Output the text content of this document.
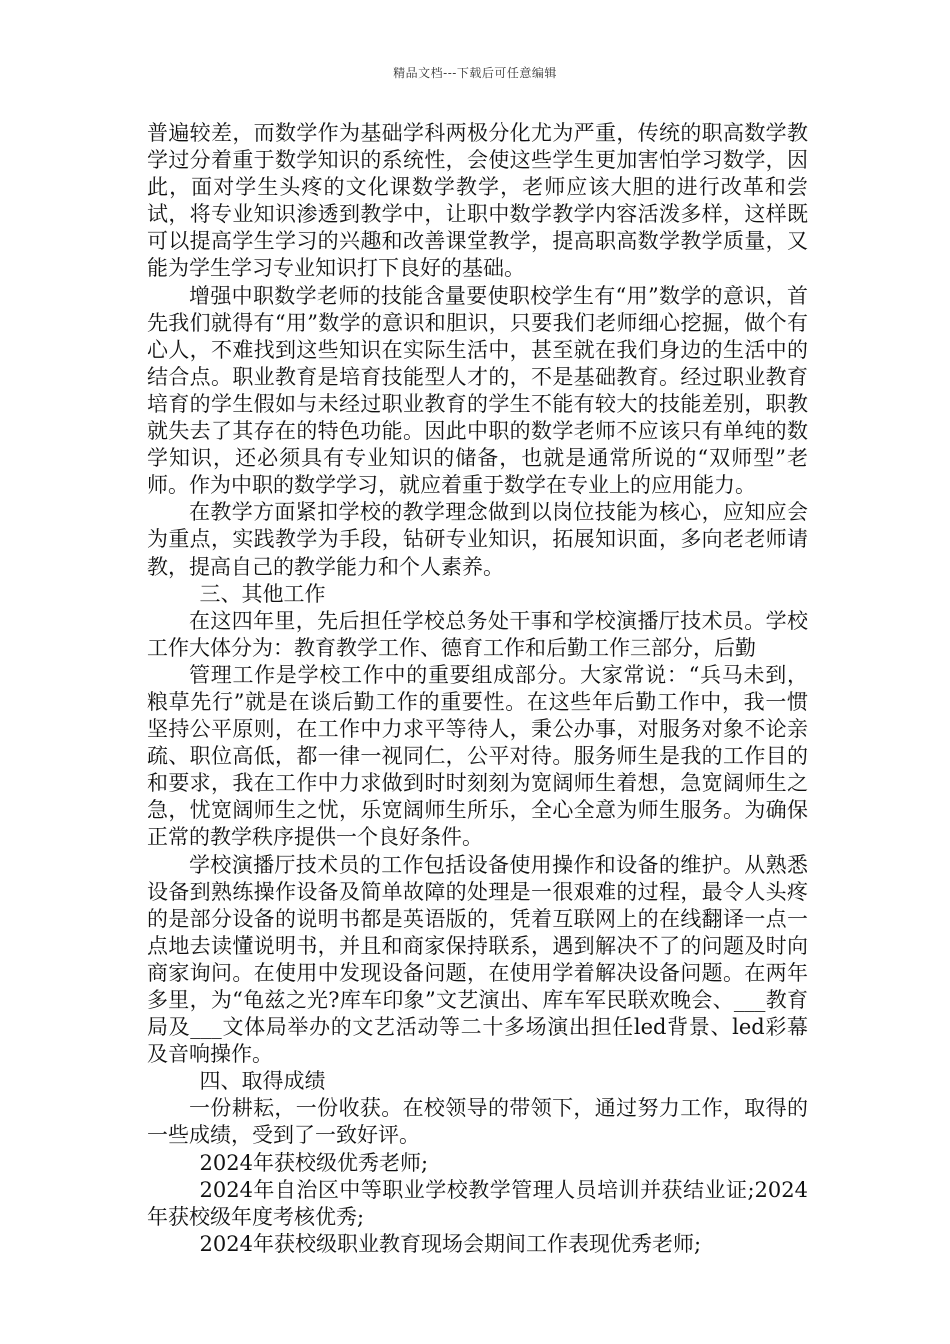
精品文档---下载后可任意编辑

普遍较差，而数学作为基础学科两极分化尤为严重，传统的职高数学教学过分着重于数学知识的系统性，会使这些学生更加害怕学习数学，因此，面对学生头疼的文化课数学教学，老师应该大胆的进行改革和尝试，将专业知识渗透到教学中，让职中数学教学内容活泼多样，这样既可以提高学生学习的兴趣和改善课堂教学，提高职高数学教学质量，又能为学生学习专业知识打下良好的基础。

增强中职数学老师的技能含量要使职校学生有“用”数学的意识，首先我们就得有“用”数学的意识和胆识，只要我们老师细心挖掘，做个有心人，不难找到这些知识在实际生活中，甚至就在我们身边的生活中的结合点。职业教育是培育技能型人才的，不是基础教育。经过职业教育培育的学生假如与未经过职业教育的学生不能有较大的技能差别，职教就失去了其存在的特色功能。因此中职的数学老师不应该只有单纯的数学知识，还必须具有专业知识的储备，也就是通常所说的“双师型”老师。作为中职的数学学习，就应着重于数学在专业上的应用能力。

在教学方面紧扣学校的教学理念做到以岗位技能为核心，应知应会为重点，实践教学为手段，钻研专业知识，拓展知识面，多向老老师请教，提高自己的教学能力和个人素养。

三、其他工作

在这四年里，先后担任学校总务处干事和学校演播厅技术员。学校工作大体分为：教育教学工作、德育工作和后勤工作三部分，后勤

管理工作是学校工作中的重要组成部分。大家常说：“兵马未到，粮草先行”就是在谈后勤工作的重要性。在这些年后勤工作中，我一惯坚持公平原则，在工作中力求平等待人，秉公办事，对服务对象不论亲疏、职位高低，都一律一视同仁，公平对待。服务师生是我的工作目的和要求，我在工作中力求做到时时刻刻为宽阔师生着想，急宽阔师生之急，忧宽阔师生之忧，乐宽阔师生所乐，全心全意为师生服务。为确保正常的教学秩序提供一个良好条件。

学校演播厅技术员的工作包括设备使用操作和设备的维护。从熟悉设备到熟练操作设备及简单故障的处理是一很艰难的过程，最令人头疼的是部分设备的说明书都是英语版的，凭着互联网上的在线翻译一点一点地去读懂说明书，并且和商家保持联系，遇到解决不了的问题及时向商家询问。在使用中发现设备问题，在使用学着解决设备问题。在两年多里，为“龟兹之光?库车印象”文艺演出、库车军民联欢晚会、___教育局及___文体局举办的文艺活动等二十多场演出担任led背景、led彩幕及音响操作。

四、取得成绩

一份耕耘，一份收获。在校领导的带领下，通过努力工作，取得的一些成绩，受到了一致好评。

2024年获校级优秀老师;

2024年自治区中等职业学校教学管理人员培训并获结业证;2024年获校级年度考核优秀;

2024年获校级职业教育现场会期间工作表现优秀老师;
